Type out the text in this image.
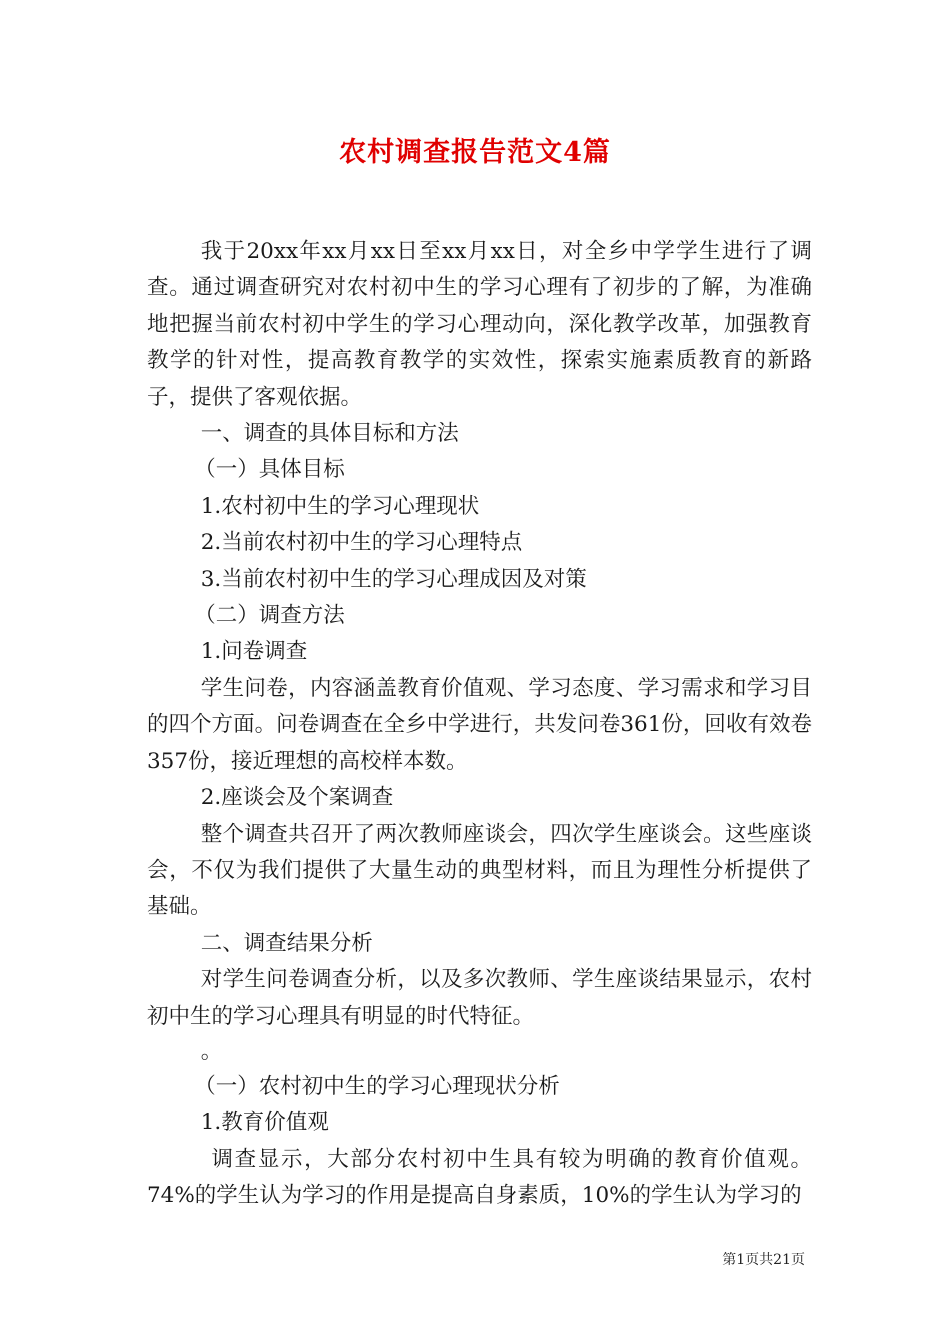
农村调查报告范文4篇

我于20xx年xx月xx日至xx月xx日，对全乡中学学生进行了调查。通过调查研究对农村初中生的学习心理有了初步的了解，为准确地把握当前农村初中学生的学习心理动向，深化教学改革，加强教育教学的针对性，提高教育教学的实效性，探索实施素质教育的新路子，提供了客观依据。

一、调查的具体目标和方法

（一）具体目标

1.农村初中生的学习心理现状

2.当前农村初中生的学习心理特点

3.当前农村初中生的学习心理成因及对策

（二）调查方法

1.问卷调查

学生问卷，内容涵盖教育价值观、学习态度、学习需求和学习目的四个方面。问卷调查在全乡中学进行，共发问卷361份，回收有效卷357份，接近理想的高校样本数。

2.座谈会及个案调查

整个调查共召开了两次教师座谈会，四次学生座谈会。这些座谈会，不仅为我们提供了大量生动的典型材料，而且为理性分析提供了基础。

二、调查结果分析

对学生问卷调查分析，以及多次教师、学生座谈结果显示，农村初中生的学习心理具有明显的时代特征。

。

（一）农村初中生的学习心理现状分析

1.教育价值观

调查显示，大部分农村初中生具有较为明确的教育价值观。74%的学生认为学习的作用是提高自身素质，10%的学生认为学习的

第1页共21页
